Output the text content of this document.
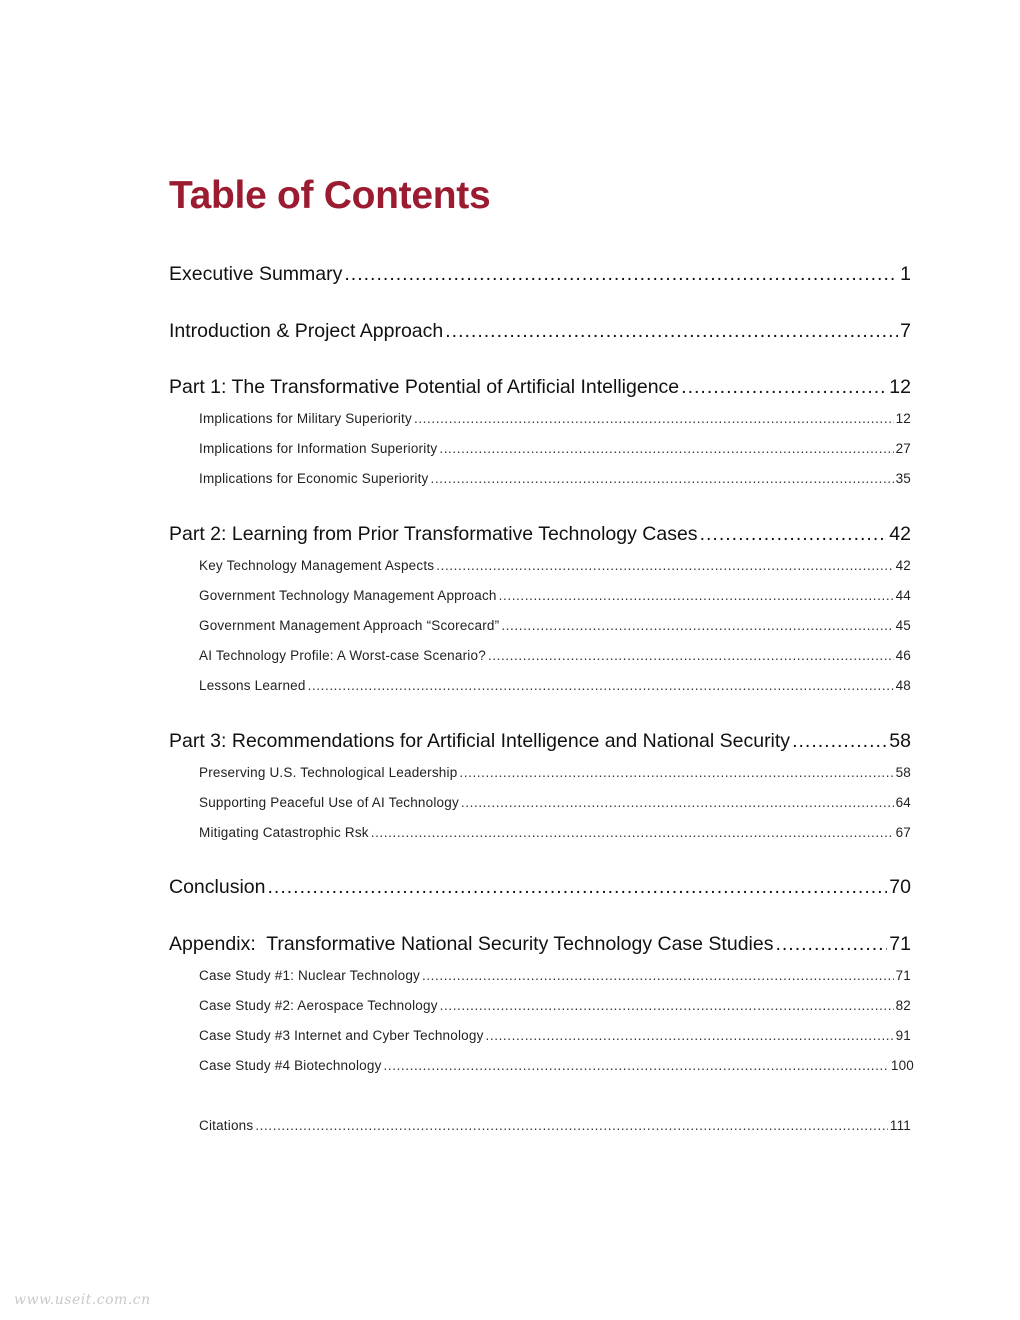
Table of Contents
Executive Summary .....	1
Introduction & Project Approach .....	7
Part 1: The Transformative Potential of Artificial Intelligence .....	12
Implications for Military Superiority .....	12
Implications for Information Superiority .....	27
Implications for Economic Superiority .....	35
Part 2: Learning from Prior Transformative Technology Cases .....	42
Key Technology Management Aspects .....	42
Government Technology Management Approach .....	44
Government Management Approach “Scorecard” .....	45
AI Technology Profile: A Worst-case Scenario? .....	46
Lessons Learned .....	48
Part 3: Recommendations for Artificial Intelligence and National Security .....	58
Preserving U.S. Technological Leadership .....	58
Supporting Peaceful Use of AI Technology .....	64
Mitigating Catastrophic Rsk .....	67
Conclusion .....	70
Appendix:  Transformative National Security Technology Case Studies .....	71
Case Study #1: Nuclear Technology .....	71
Case Study #2: Aerospace Technology .....	82
Case Study #3 Internet and Cyber Technology .....	91
Case Study #4 Biotechnology .....	100
Citations .....	111
www.useit.com.cn
